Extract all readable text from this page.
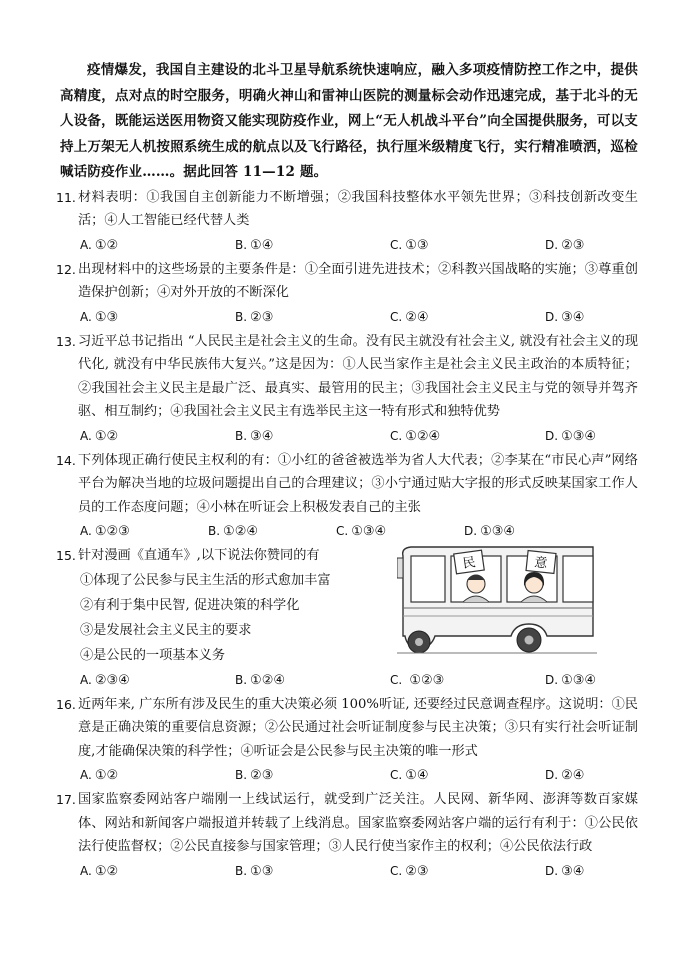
疫情爆发，我国自主建设的北斗卫星导航系统快速响应，融入多项疫情防控工作之中，提供高精度，点对点的时空服务，明确火神山和雷神山医院的测量标会动作迅速完成，基于北斗的无人设备，既能运送医用物资又能实现防疫作业，网上“无人机战斗平台”向全国提供服务，可以支持上万架无人机按照系统生成的航点以及飞行路径，执行厘米级精度飞行，实行精准喷洒，巡检喊话防疫作业……。据此回答 11—12 题。

11. 材料表明：①我国自主创新能力不断增强；②我国科技整体水平领先世界；③科技创新改变生活；④人工智能已经代替人类
A. ①②	B. ①④	C. ①③	D. ②③
12. 出现材料中的这些场景的主要条件是：①全面引进先进技术；②科教兴国战略的实施；③尊重创造保护创新；④对外开放的不断深化
A. ①③	B. ②③	C. ②④	D. ③④
13. 习近平总书记指出 “人民民主是社会主义的生命。没有民主就没有社会主义, 就没有社会主义的现代化, 就没有中华民族伟大复兴。”这是因为：①人民当家作主是社会主义民主政治的本质特征；②我国社会主义民主是最广泛、最真实、最管用的民主；③我国社会主义民主与党的领导并驾齐驱、相互制约；④我国社会主义民主有选举民主这一特有形式和独特优势
A. ①②	B. ③④	C. ①②④	D. ①③④
14. 下列体现正确行使民主权利的有：①小红的爸爸被选举为省人大代表；②李某在“市民心声”网络平台为解决当地的垃圾问题提出自己的合理建议；③小宁通过贴大字报的形式反映某国家工作人员的工作态度问题；④小林在听证会上积极发表自己的主张
A. ①②③	B. ①②④	C. ①③④	D. ①③④
15. 针对漫画《直通车》,以下说法你赞同的有
①体现了公民参与民主生活的形式愈加丰富
②有利于集中民智, 促进决策的科学化
③是发展社会主义民主的要求
④是公民的一项基本义务
民	意
A. ②③④	B. ①②④	C. ①②③	D. ①③④
16. 近两年来, 广东所有涉及民生的重大决策必须 100%听证, 还要经过民意调查程序。这说明：①民意是正确决策的重要信息资源；②公民通过社会听证制度参与民主决策；③只有实行社会听证制度,才能确保决策的科学性；④听证会是公民参与民主决策的唯一形式
A. ①②	B. ②③	C. ①④	D. ②④
17. 国家监察委网站客户端刚一上线试运行，就受到广泛关注。人民网、新华网、澎湃等数百家媒体、网站和新闻客户端报道并转载了上线消息。国家监察委网站客户端的运行有利于：①公民依法行使监督权；②公民直接参与国家管理；③人民行使当家作主的权利；④公民依法行政
A. ①②	B. ①③	C. ②③	D. ③④
